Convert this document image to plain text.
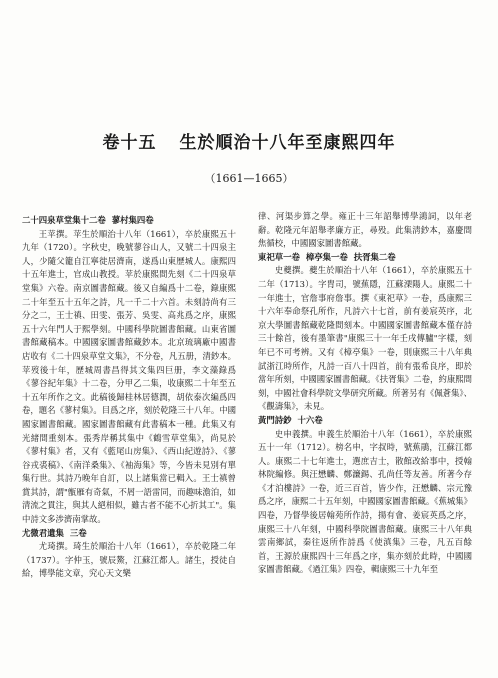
卷十五 生於順治十八年至康熙四年

（1661—1665）

二十四泉草堂集十二卷 蓼村集四卷

王苹撰。苹生於順治十八年（1661），卒於康熙五十九年（1720）。字秋史，晚號蓼谷山人，又號二十四泉主人，少隨父籠自江寧徙居濟南，遂爲山東歷城人。康熙四十五年進士，官成山教授。苹於康熙間先刻《二十四泉草堂集》六卷。南京圖書館藏。後又自編爲十二卷，錄康熙二十年至五十五年之詩，凡一千二十六首。未刻詩尚有三分之二，王士禛、田雯、張芳、吳雯、高兆爲之序，康熙五十六年門人于熙學刻。中國科學院圖書館藏。山東省圖書館藏稿本。中國國家圖書館藏鈔本。北京琉璃廠中國書店收有《二十四泉草堂文集》，不分卷，凡五册，清鈔本。苹歿後十年，歷城周書昌得其文集四巨册，李文藻錄爲《蓼谷紀年集》十二卷，分甲乙二集，收康熙二十年至五十五年所作之文。此稿後歸桂林居德潤，胡依泰次編爲四卷，題名《蓼村集》。目爲之序，刻於乾隆三十八年。中國國家圖書館藏。國家圖書館藏有此書稿本一種。此集又有光緒間重刻本。張秀岸稱其集中《鶴雪草堂集》，尚見於《蓼村集》者，又有《藍尾山房集》、《西山紀遊詩》、《蓼谷戎裘稿》、《南洋桑集》、《袖海集》等，今皆未見別有單集行世。其詩乃晚年自訂，以上諸集當已輯入。王士禛曾賞其詩，謂"甑雁有奇氣，不屑一語雷同，而趣味澹泊，如清流之貫注，與其人絕相似，雖古者不能不心折其工"。集中詩文多涉濟南掌故。

尤微君遺集 三卷

尤琦撰。琦生於順治十八年（1661），卒於乾隆二年（1737）。字仲玉，號辰鰲，江蘇江都人。諸生，授徒自給，博學能文章，究心天文樂

律、河渠步算之學。雍正十三年詔舉博學鴻詞，以年老辭。乾隆元年詔舉孝廉方正，尋殁。此集淸鈔本，嘉慶間焦循校，中國國家圖書館藏。

東祀草一卷 樟亭集一卷 扶胥集二卷

史夔撰。夔生於順治十八年（1661），卒於康熙五十二年（1713）。字胄司，號蕉隱，江蘇溧陽人。康熙二十一年進士，官詹事府詹事。撰《東祀草》一卷，爲康熙三十六年奉命祭孔所作，凡詩六十七首，前有姜宸英序，北京大學圖書館藏乾隆間刻本。中國國家圖書館藏本僅存詩三十餘首，後有墨筆書"康熙三十一年壬戌傳臚"字樣，刻年已不可考辨。又有《樟亭集》一卷，則康熙三十八年典試浙江時所作，凡詩一百八十四首，前有張希良序，即於當年所刻，中國國家圖書館藏。《扶胥集》二卷，約康熙間刻，中國社會科學院文學研究所藏。所著另有《佩蒼集》、《觀濤集》，未見。

黃門詩鈔 十六卷

史申義撰。申義生於順治十八年（1661），卒於康熙五十一年（1712）。榜名申，字叔時，號蕉鵑，江蘇江都人。康熙二十七年進士，選庶吉士，散館改給事中，授翰林院編修。與汪懋麟、鄭濂錫、孔尚任等友善。所著今存《才泊樓詩》一卷，近三百首，皆少作，汪懋麟、宗元豫爲之序，康熙二十五年刻，中國國家圖書館藏。《蕉城集》四卷，乃督學後居翰苑所作詩，揚有會、姜宸英爲之序，康熙三十八年刻，中國科學院圖書館藏。康熙三十八年典雲南鄉試，秦往返所作詩爲《使滇集》三卷，凡五百餘首，王源於康熙四十三年爲之序，集亦刻於此時，中國國家圖書館藏。《過江集》四卷，輯康熙三十九年至
